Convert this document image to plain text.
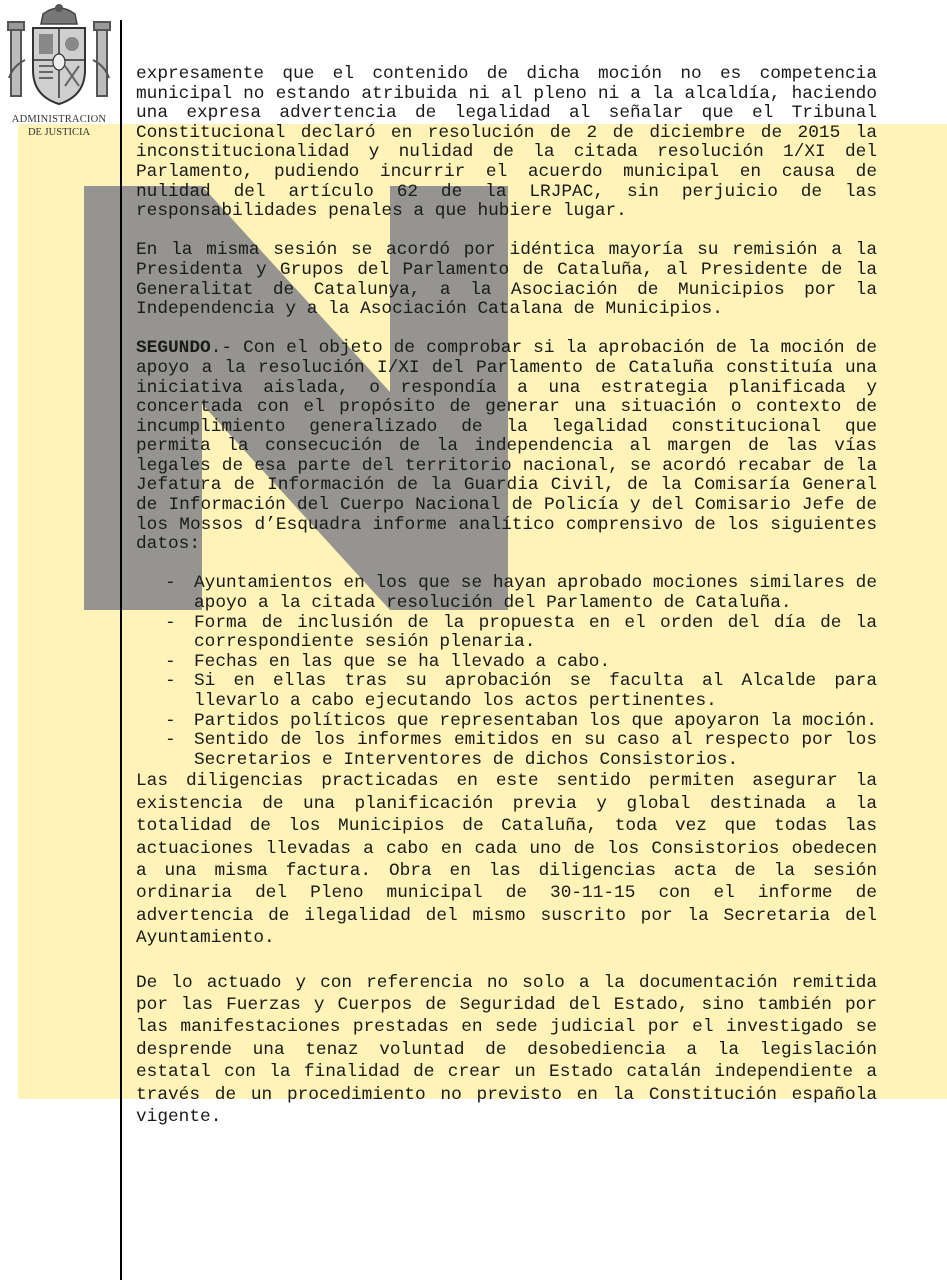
ADMINISTRACION
DE JUSTICIA

expresamente que el contenido de dicha moción no es competencia municipal no estando atribuida ni al pleno ni a la alcaldía, haciendo una expresa advertencia de legalidad al señalar que el Tribunal Constitucional declaró en resolución de 2 de diciembre de 2015 la inconstitucionalidad y nulidad de la citada resolución 1/XI del Parlamento, pudiendo incurrir el acuerdo municipal en causa de nulidad del artículo 62 de la LRJPAC, sin perjuicio de las responsabilidades penales a que hubiere lugar.

En la misma sesión se acordó por idéntica mayoría su remisión a la Presidenta y Grupos del Parlamento de Cataluña, al Presidente de la Generalitat de Catalunya, a la Asociación de Municipios por la Independencia y a la Asociación Catalana de Municipios.

SEGUNDO.- Con el objeto de comprobar si la aprobación de la moción de apoyo a la resolución I/XI del Parlamento de Cataluña constituía una iniciativa aislada, o respondía a una estrategia planificada y concertada con el propósito de generar una situación o contexto de incumplimiento generalizado de la legalidad constitucional que permita la consecución de la independencia al margen de las vías legales de esa parte del territorio nacional, se acordó recabar de la Jefatura de Información de la Guardia Civil, de la Comisaría General de Información del Cuerpo Nacional de Policía y del Comisario Jefe de los Mossos d’Esquadra informe analítico comprensivo de los siguientes datos:

- Ayuntamientos en los que se hayan aprobado mociones similares de apoyo a la citada resolución del Parlamento de Cataluña.
- Forma de inclusión de la propuesta en el orden del día de la correspondiente sesión plenaria.
- Fechas en las que se ha llevado a cabo.
- Si en ellas tras su aprobación se faculta al Alcalde para llevarlo a cabo ejecutando los actos pertinentes.
- Partidos políticos que representaban los que apoyaron la moción.
- Sentido de los informes emitidos en su caso al respecto por los Secretarios e Interventores de dichos Consistorios.

Las diligencias practicadas en este sentido permiten asegurar la existencia de una planificación previa y global destinada a la totalidad de los Municipios de Cataluña, toda vez que todas las actuaciones llevadas a cabo en cada uno de los Consistorios obedecen a una misma factura. Obra en las diligencias acta de la sesión ordinaria del Pleno municipal de 30-11-15 con el informe de advertencia de ilegalidad del mismo suscrito por la Secretaria del Ayuntamiento.

De lo actuado y con referencia no solo a la documentación remitida por las Fuerzas y Cuerpos de Seguridad del Estado, sino también por las manifestaciones prestadas en sede judicial por el investigado se desprende una tenaz voluntad de desobediencia a la legislación estatal con la finalidad de crear un Estado catalán independiente a través de un procedimiento no previsto en la Constitución española vigente.
